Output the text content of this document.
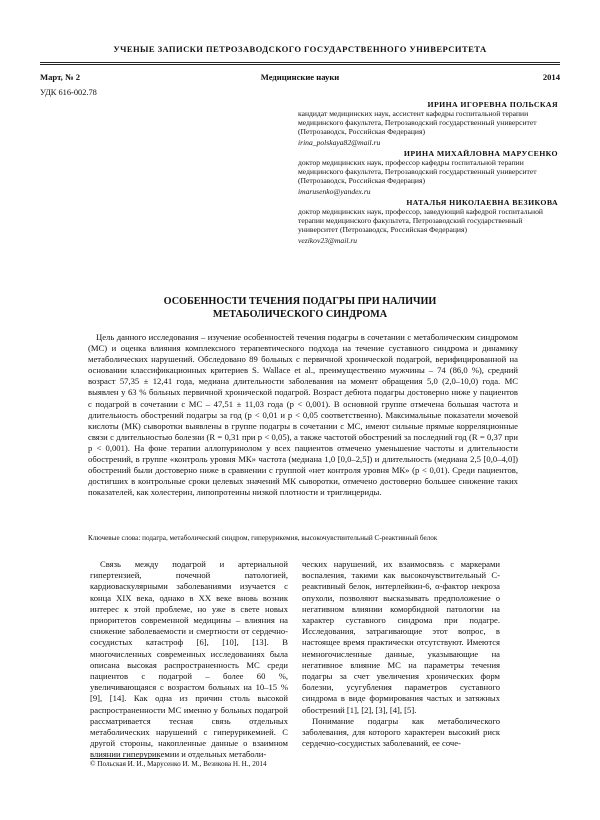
УЧЕНЫЕ ЗАПИСКИ ПЕТРОЗАВОДСКОГО ГОСУДАРСТВЕННОГО УНИВЕРСИТЕТА
Март, № 2	Медицинские науки	2014
УДК 616-002.78

ИРИНА ИГОРЕВНА ПОЛЬСКАЯ

кандидат медицинских наук, ассистент кафедры госпитальной терапии медицинского факультета, Петрозаводский государственный университет (Петрозаводск, Российская Федерация)

irina_polskaya82@mail.ru

ИРИНА МИХАЙЛОВНА МАРУСЕНКО

доктор медицинских наук, профессор кафедры госпитальной терапии медицинского факультета, Петрозаводский государственный университет (Петрозаводск, Российская Федерация)

imarusenko@yandex.ru

НАТАЛЬЯ НИКОЛАЕВНА ВЕЗИКОВА

доктор медицинских наук, профессор, заведующий кафедрой госпитальной терапии медицинского факультета, Петрозаводский государственный университет (Петрозаводск, Российская Федерация)

vezikov23@mail.ru

ОСОБЕННОСТИ ТЕЧЕНИЯ ПОДАГРЫ ПРИ НАЛИЧИИ
МЕТАБОЛИЧЕСКОГО СИНДРОМА

Цель данного исследования – изучение особенностей течения подагры в сочетании с метаболическим синдромом (МС) и оценка влияния комплексного терапевтического подхода на течение суставного синдрома и динамику метаболических нарушений. Обследовано 89 больных с первичной хронической подагрой, верифицированной на основании классификационных критериев S. Wallace et al., преимущественно мужчины – 74 (86,0 %), средний возраст 57,35 ± 12,41 года, медиана длительности заболевания на момент обращения 5,0 (2,0–10,0) года. МС выявлен у 63 % больных первичной хронической подагрой. Возраст дебюта подагры достоверно ниже у пациентов с подагрой в сочетании с МС – 47,51 ± 11,03 года (р < 0,001). В основной группе отмечена большая частота и длительность обострений подагры за год (р < 0,01 и р < 0,05 соответственно). Максимальные показатели мочевой кислоты (МК) сыворотки выявлены в группе подагры в сочетании с МС, имеют сильные прямые корреляционные связи с длительностью болезни (R = 0,31 при р < 0,05), а также частотой обострений за последний год (R = 0,37 при р < 0,001). На фоне терапии аллопуринолом у всех пациентов отмечено уменьшение частоты и длительности обострений, в группе «контроль уровня МК» частота (медиана 1,0 [0,0–2,5]) и длительность (медиана 2,5 [0,0–4,0]) обострений были достоверно ниже в сравнении с группой «нет контроля уровня МК» (р < 0,01). Среди пациентов, достигших в контрольные сроки целевых значений МК сыворотки, отмечено достоверно большее снижение таких показателей, как холестерин, липопротеины низкой плотности и триглицериды.

Ключевые слова: подагра, метаболический синдром, гиперурикемия, высокочувствительный С-реактивный белок

Связь между подагрой и артериальной гипертензией, почечной патологией, кардиоваскулярными заболеваниями изучается с конца XIX века, однако в XX веке вновь возник интерес к этой проблеме, но уже в свете новых приоритетов современной медицины – влияния на снижение заболеваемости и смертности от сердечно-сосудистых катастроф [6], [10], [13]. В многочисленных современных исследованиях была описана высокая распространенность МС среди пациентов с подагрой – более 60 %, увеличивающаяся с возрастом больных на 10–15 % [9], [14]. Как одна из причин столь высокой распространенности МС именно у больных подагрой рассматривается тесная связь отдельных метаболических нарушений с гиперурикемией. С другой стороны, накопленные данные о взаимном влиянии гиперурикемии и отдельных метаболи-

ческих нарушений, их взаимосвязь с маркерами воспаления, такими как высокочувствительный С-реактивный белок, интерлейкин-6, α-фактор некроза опухоли, позволяют высказывать предположение о негативном влиянии коморбидной патологии на характер суставного синдрома при подагре. Исследования, затрагивающие этот вопрос, в настоящее время практически отсутствуют. Имеются немногочисленные данные, указывающие на негативное влияние МС на параметры течения подагры за счет увеличения хронических форм болезни, усугубления параметров суставного синдрома в виде формирования частых и затяжных обострений [1], [2], [3], [4], [5].

Понимание подагры как метаболического заболевания, для которого характерен высокий риск сердечно-сосудистых заболеваний, ее соче-

© Польская И. И., Марусенко И. М., Везикова Н. Н., 2014
